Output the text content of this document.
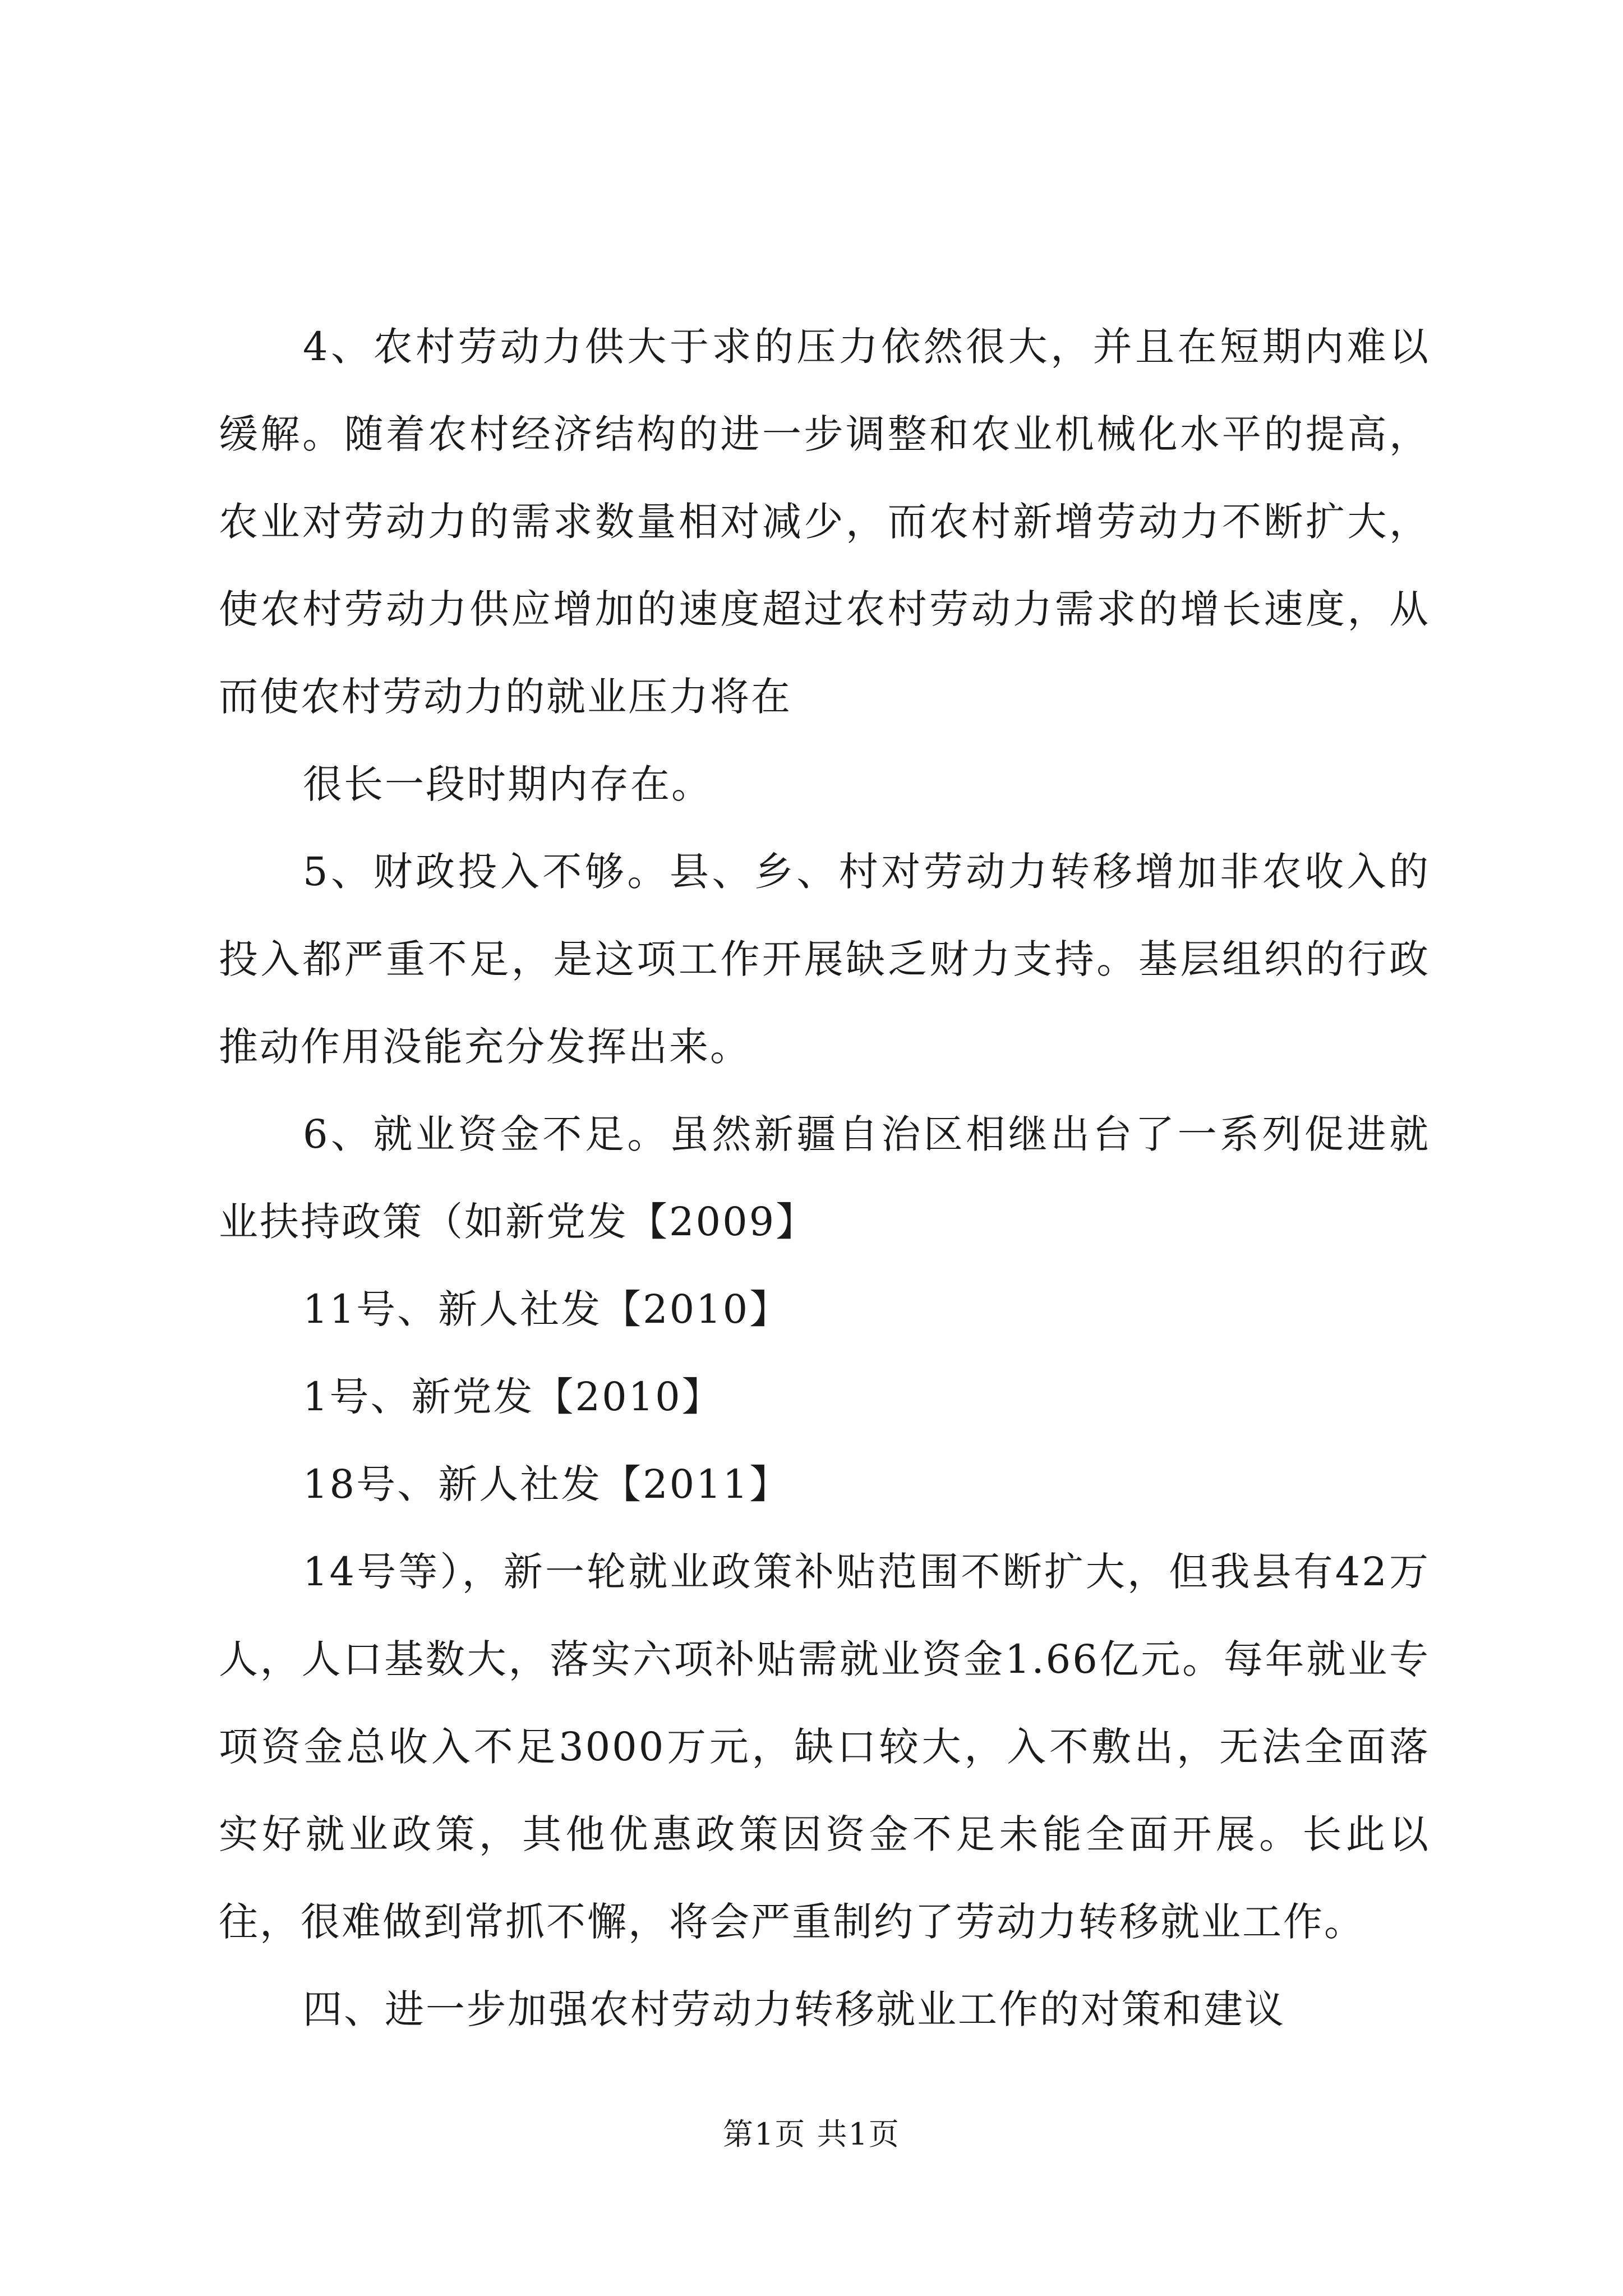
4、农村劳动力供大于求的压力依然很大，并且在短期内难以缓解。随着农村经济结构的进一步调整和农业机械化水平的提高，农业对劳动力的需求数量相对减少，而农村新增劳动力不断扩大，使农村劳动力供应增加的速度超过农村劳动力需求的增长速度，从而使农村劳动力的就业压力将在

很长一段时期内存在。

5、财政投入不够。县、乡、村对劳动力转移增加非农收入的投入都严重不足，是这项工作开展缺乏财力支持。基层组织的行政推动作用没能充分发挥出来。

6、就业资金不足。虽然新疆自治区相继出台了一系列促进就业扶持政策（如新党发【2009】

11号、新人社发【2010】

1号、新党发【2010】

18号、新人社发【2011】

14号等），新一轮就业政策补贴范围不断扩大，但我县有42万人，人口基数大，落实六项补贴需就业资金1.66亿元。每年就业专项资金总收入不足3000万元，缺口较大，入不敷出，无法全面落实好就业政策，其他优惠政策因资金不足未能全面开展。长此以往，很难做到常抓不懈，将会严重制约了劳动力转移就业工作。

四、进一步加强农村劳动力转移就业工作的对策和建议

第1页 共1页
